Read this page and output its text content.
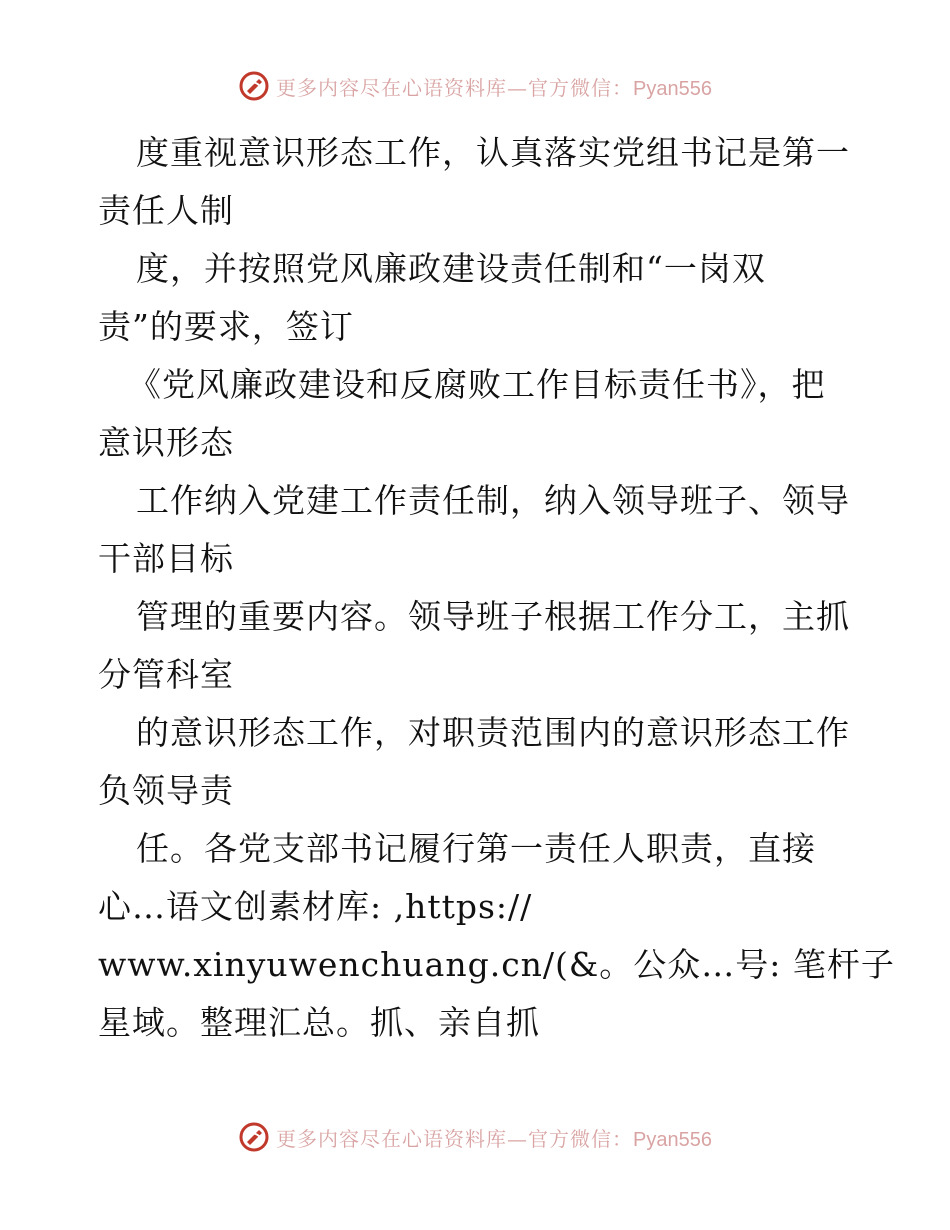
更多内容尽在心语资料库—官方微信：Pyan556
度重视意识形态工作，认真落实党组书记是第一
责任人制
度，并按照党风廉政建设责任制和“一岗双
责”的要求，签订
《党风廉政建设和反腐败工作目标责任书》，把
意识形态
工作纳入党建工作责任制，纳入领导班子、领导
干部目标
管理的重要内容。领导班子根据工作分工，主抓
分管科室
的意识形态工作，对职责范围内的意识形态工作
负领导责
任。各党支部书记履行第一责任人职责，直接
心…语文创素材库: ,https://
www.xinyuwenchuang.cn/(&。公众…号: 笔杆子
星域。整理汇总。抓、亲自抓
更多内容尽在心语资料库—官方微信：Pyan556
